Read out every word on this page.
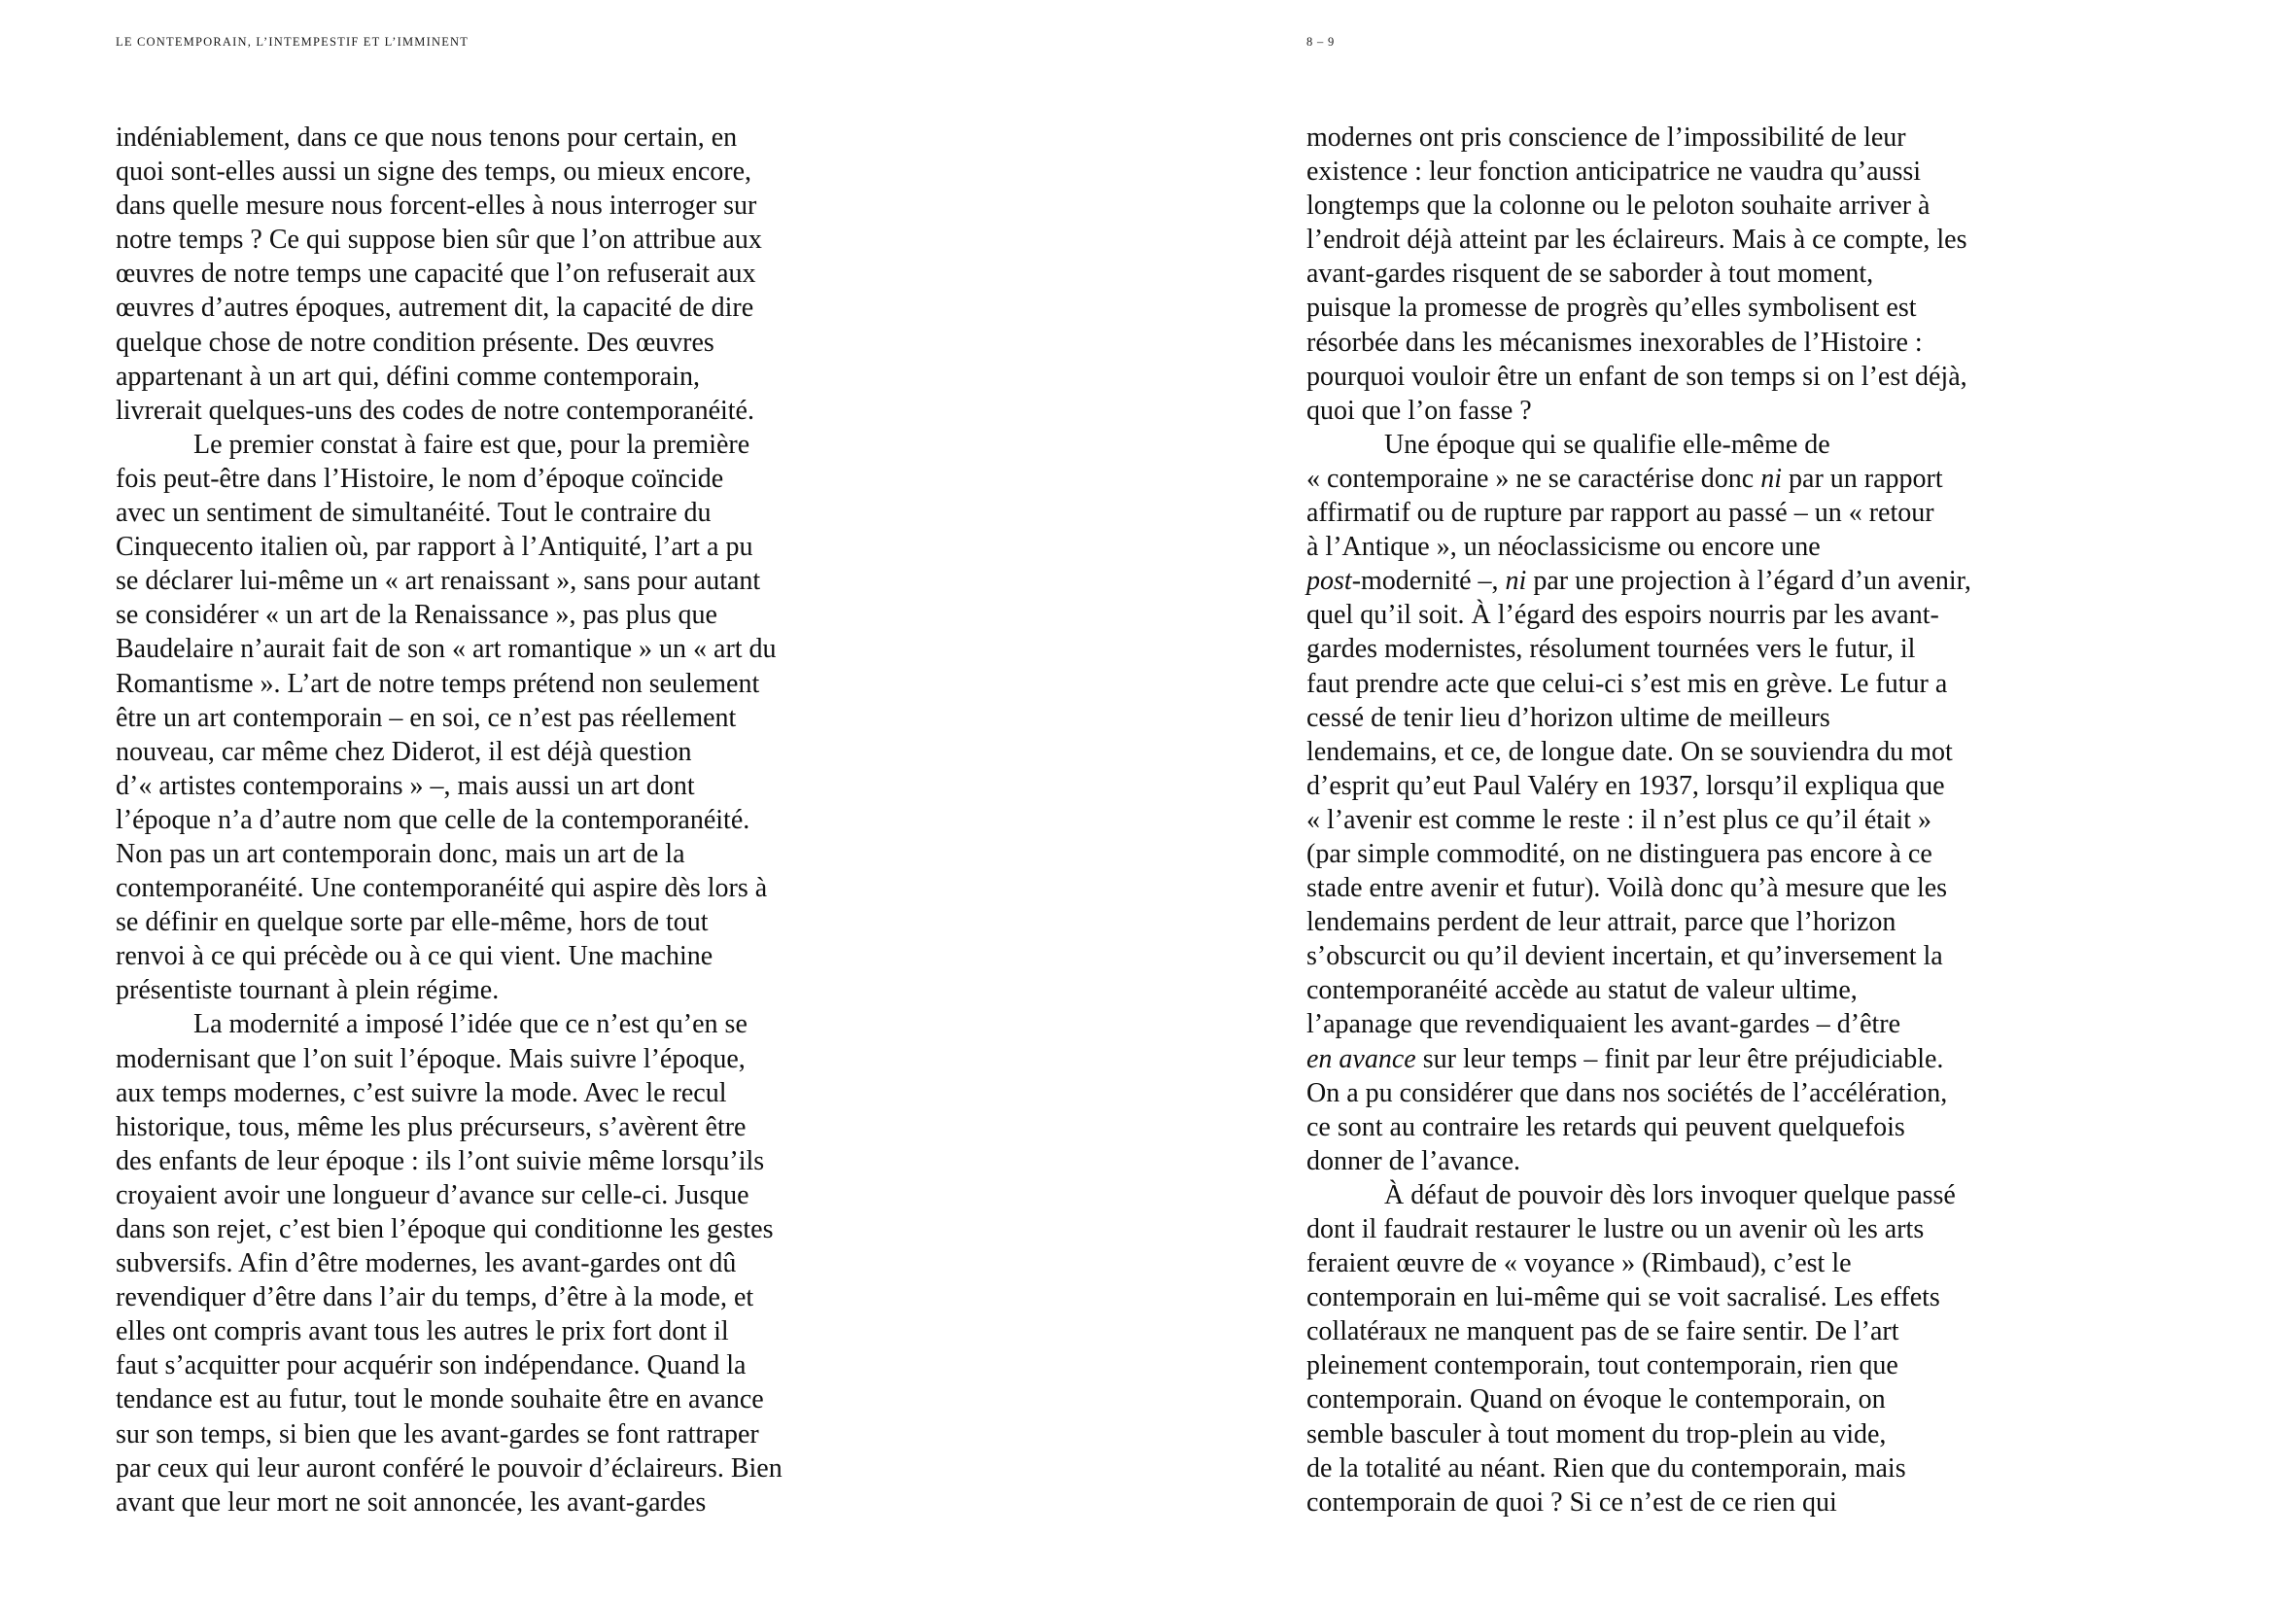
LE CONTEMPORAIN, L’INTEMPESTIF ET L’IMMINENT	8 – 9
indéniablement, dans ce que nous tenons pour certain, en
quoi sont-elles aussi un signe des temps, ou mieux encore,
dans quelle mesure nous forcent-elles à nous interroger sur
notre temps ? Ce qui suppose bien sûr que l’on attribue aux
œuvres de notre temps une capacité que l’on refuserait aux
œuvres d’autres époques, autrement dit, la capacité de dire
quelque chose de notre condition présente. Des œuvres
appartenant à un art qui, défini comme contemporain,
livrerait quelques-uns des codes de notre contemporanéité.
Le premier constat à faire est que, pour la première
fois peut-être dans l’Histoire, le nom d’époque coïncide
avec un sentiment de simultanéité. Tout le contraire du
Cinquecento italien où, par rapport à l’Antiquité, l’art a pu
se déclarer lui-même un « art renaissant », sans pour autant
se considérer « un art de la Renaissance », pas plus que
Baudelaire n’aurait fait de son « art romantique » un « art du
Romantisme ». L’art de notre temps prétend non seulement
être un art contemporain – en soi, ce n’est pas réellement
nouveau, car même chez Diderot, il est déjà question
d’« artistes contemporains » –, mais aussi un art dont
l’époque n’a d’autre nom que celle de la contemporanéité.
Non pas un art contemporain donc, mais un art de la
contemporanéité. Une contemporanéité qui aspire dès lors à
se définir en quelque sorte par elle-même, hors de tout
renvoi à ce qui précède ou à ce qui vient. Une machine
présentiste tournant à plein régime.
La modernité a imposé l’idée que ce n’est qu’en se
modernisant que l’on suit l’époque. Mais suivre l’époque,
aux temps modernes, c’est suivre la mode. Avec le recul
historique, tous, même les plus précurseurs, s’avèrent être
des enfants de leur époque : ils l’ont suivie même lorsqu’ils
croyaient avoir une longueur d’avance sur celle-ci. Jusque
dans son rejet, c’est bien l’époque qui conditionne les gestes
subversifs. Afin d’être modernes, les avant-gardes ont dû
revendiquer d’être dans l’air du temps, d’être à la mode, et
elles ont compris avant tous les autres le prix fort dont il
faut s’acquitter pour acquérir son indépendance. Quand la
tendance est au futur, tout le monde souhaite être en avance
sur son temps, si bien que les avant-gardes se font rattraper
par ceux qui leur auront conféré le pouvoir d’éclaireurs. Bien
avant que leur mort ne soit annoncée, les avant-gardes
modernes ont pris conscience de l’impossibilité de leur
existence : leur fonction anticipatrice ne vaudra qu’aussi
longtemps que la colonne ou le peloton souhaite arriver à
l’endroit déjà atteint par les éclaireurs. Mais à ce compte, les
avant-gardes risquent de se saborder à tout moment,
puisque la promesse de progrès qu’elles symbolisent est
résorbée dans les mécanismes inexorables de l’Histoire :
pourquoi vouloir être un enfant de son temps si on l’est déjà,
quoi que l’on fasse ?
Une époque qui se qualifie elle-même de
« contemporaine » ne se caractérise donc ni par un rapport
affirmatif ou de rupture par rapport au passé – un « retour
à l’Antique », un néoclassicisme ou encore une
post-modernité –, ni par une projection à l’égard d’un avenir,
quel qu’il soit. À l’égard des espoirs nourris par les avant-
gardes modernistes, résolument tournées vers le futur, il
faut prendre acte que celui-ci s’est mis en grève. Le futur a
cessé de tenir lieu d’horizon ultime de meilleurs
lendemains, et ce, de longue date. On se souviendra du mot
d’esprit qu’eut Paul Valéry en 1937, lorsqu’il expliqua que
« l’avenir est comme le reste : il n’est plus ce qu’il était »
(par simple commodité, on ne distinguera pas encore à ce
stade entre avenir et futur). Voilà donc qu’à mesure que les
lendemains perdent de leur attrait, parce que l’horizon
s’obscurcit ou qu’il devient incertain, et qu’inversement la
contemporanéité accède au statut de valeur ultime,
l’apanage que revendiquaient les avant-gardes – d’être
en avance sur leur temps – finit par leur être préjudiciable.
On a pu considérer que dans nos sociétés de l’accélération,
ce sont au contraire les retards qui peuvent quelquefois
donner de l’avance.
À défaut de pouvoir dès lors invoquer quelque passé
dont il faudrait restaurer le lustre ou un avenir où les arts
feraient œuvre de « voyance » (Rimbaud), c’est le
contemporain en lui-même qui se voit sacralisé. Les effets
collatéraux ne manquent pas de se faire sentir. De l’art
pleinement contemporain, tout contemporain, rien que
contemporain. Quand on évoque le contemporain, on
semble basculer à tout moment du trop-plein au vide,
de la totalité au néant. Rien que du contemporain, mais
contemporain de quoi ? Si ce n’est de ce rien qui
